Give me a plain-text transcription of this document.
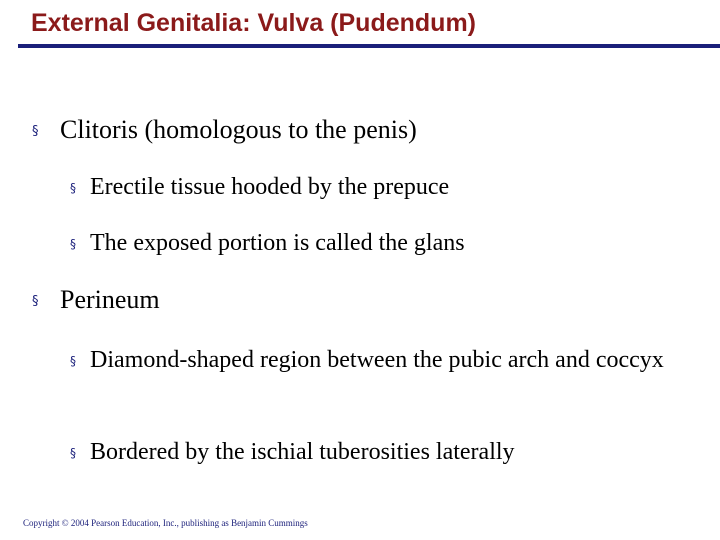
External Genitalia: Vulva (Pudendum)
§ Clitoris (homologous to the penis)
§ Erectile tissue hooded by the prepuce
§ The exposed portion is called the glans
§ Perineum
§ Diamond-shaped region between the pubic arch and coccyx
§ Bordered by the ischial tuberosities laterally
Copyright © 2004 Pearson Education, Inc., publishing as Benjamin Cummings
